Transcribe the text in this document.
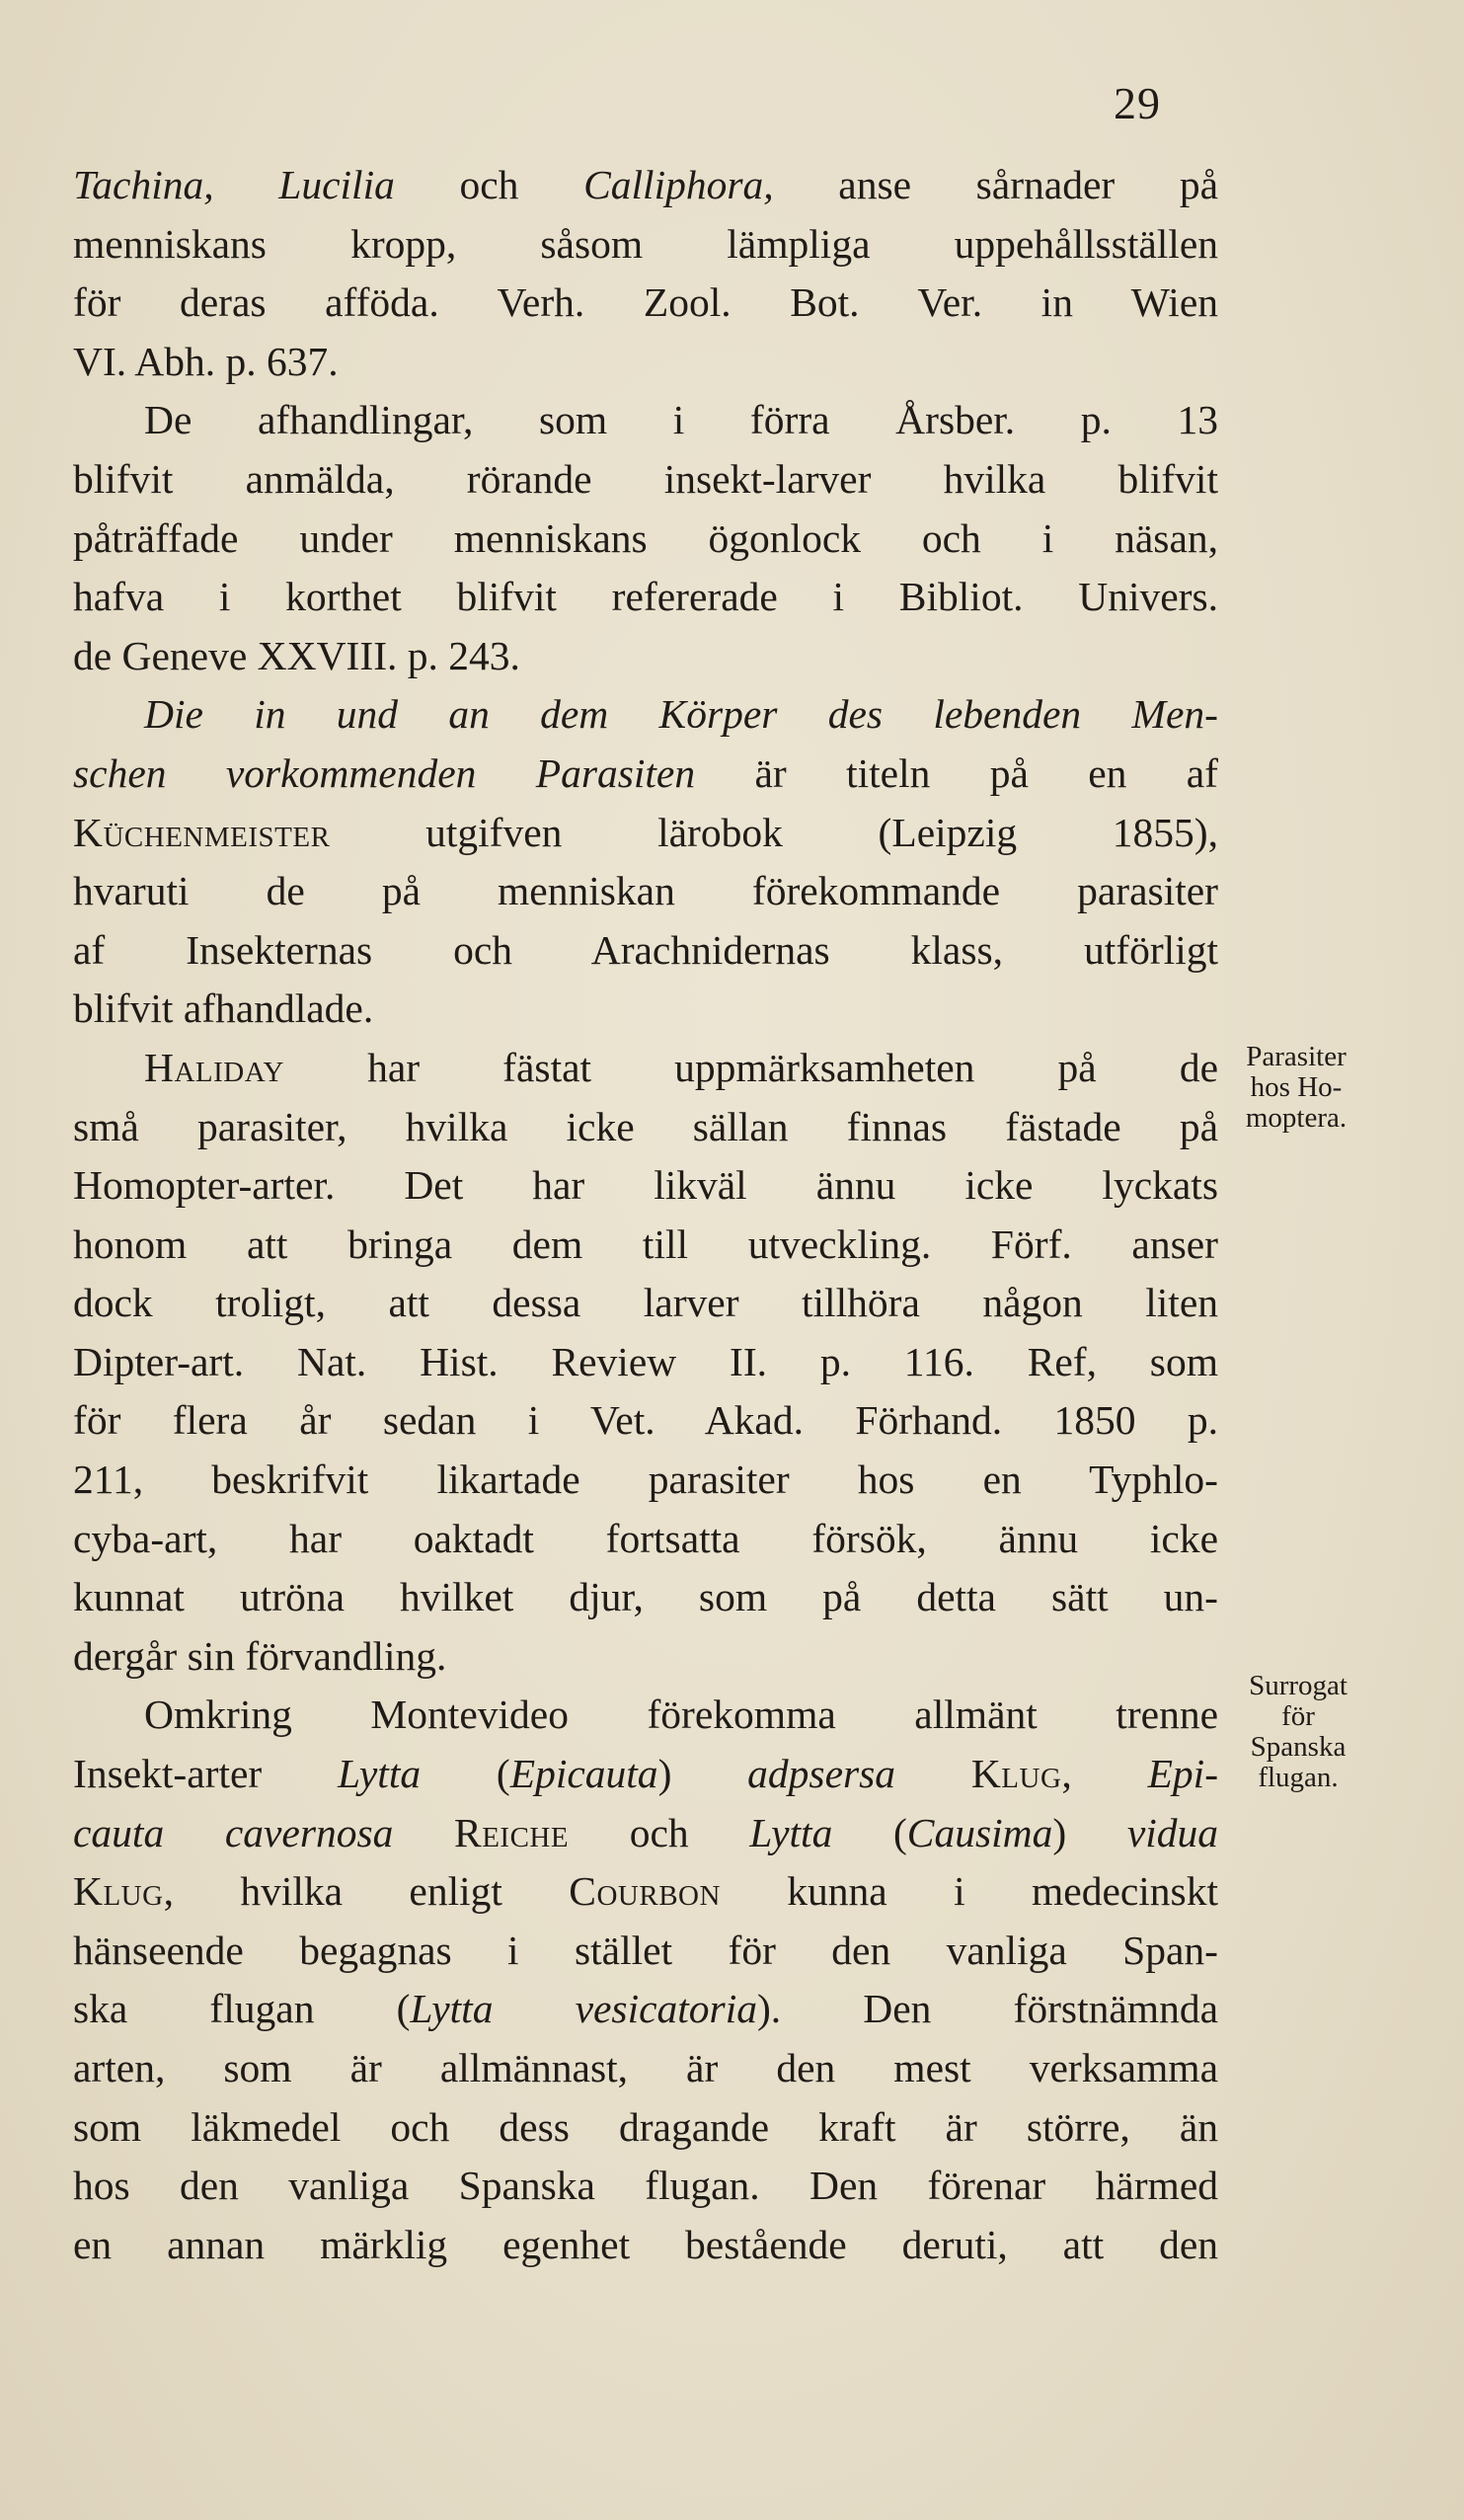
29
Tachina, Lucilia och Calliphora, anse sårnader på
menniskans kropp, såsom lämpliga uppehållsställen
för deras afföda. Verh. Zool. Bot. Ver. in Wien
VI. Abh. p. 637.
De afhandlingar, som i förra Årsber. p. 13
blifvit anmälda, rörande insekt-larver hvilka blifvit
påträffade under menniskans ögonlock och i näsan,
hafva i korthet blifvit refererade i Bibliot. Univers.
de Geneve XXVIII. p. 243.
Die in und an dem Körper des lebenden Men-
schen vorkommenden Parasiten är titeln på en af
Küchenmeister utgifven lärobok (Leipzig 1855),
hvaruti de på menniskan förekommande parasiter
af Insekternas och Arachnidernas klass, utförligt
blifvit afhandlade.
Haliday har fästat uppmärksamheten på de
små parasiter, hvilka icke sällan finnas fästade på
Homopter-arter. Det har likväl ännu icke lyckats
honom att bringa dem till utveckling. Förf. anser
dock troligt, att dessa larver tillhöra någon liten
Dipter-art. Nat. Hist. Review II. p. 116. Ref, som
för flera år sedan i Vet. Akad. Förhand. 1850 p.
211, beskrifvit likartade parasiter hos en Typhlo-
cyba-art, har oaktadt fortsatta försök, ännu icke
kunnat utröna hvilket djur, som på detta sätt un-
dergår sin förvandling.
Omkring Montevideo förekomma allmänt trenne
Insekt-arter Lytta (Epicauta) adpsersa Klug, Epi-
cauta cavernosa Reiche och Lytta (Causima) vidua
Klug, hvilka enligt Courbon kunna i medecinskt
hänseende begagnas i stället för den vanliga Span-
ska flugan (Lytta vesicatoria). Den förstnämnda
arten, som är allmännast, är den mest verksamma
som läkmedel och dess dragande kraft är större, än
hos den vanliga Spanska flugan. Den förenar härmed
en annan märklig egenhet bestående deruti, att den
Parasiter
hos Ho-
moptera.
Surrogat
för
Spanska
flugan.
